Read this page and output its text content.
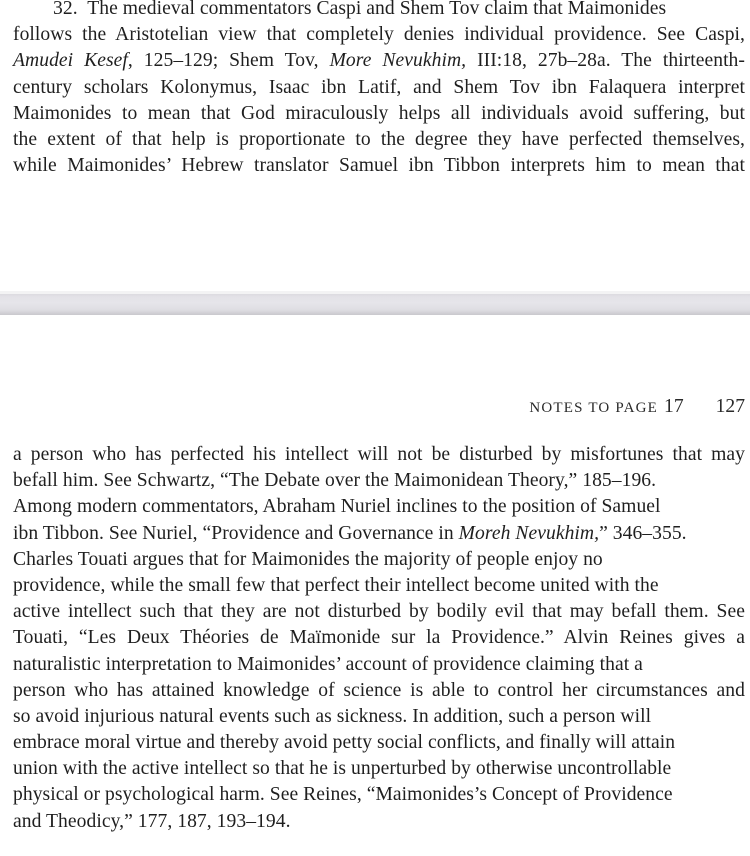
32. The medieval commentators Caspi and Shem Tov claim that Maimonides
follows the Aristotelian view that completely denies individual providence. See Caspi,
Amudei Kesef, 125–129; Shem Tov, More Nevukhim, III:18, 27b–28a. The thirteenth-
century scholars Kolonymus, Isaac ibn Latif, and Shem Tov ibn Falaquera interpret
Maimonides to mean that God miraculously helps all individuals avoid suffering, but
the extent of that help is proportionate to the degree they have perfected themselves,
while Maimonides’ Hebrew translator Samuel ibn Tibbon interprets him to mean that
NOTES TO PAGE 17 127
a person who has perfected his intellect will not be disturbed by misfortunes that may
befall him. See Schwartz, “The Debate over the Maimonidean Theory,” 185–196.
Among modern commentators, Abraham Nuriel inclines to the position of Samuel
ibn Tibbon. See Nuriel, “Providence and Governance in Moreh Nevukhim,” 346–355.
Charles Touati argues that for Maimonides the majority of people enjoy no
providence, while the small few that perfect their intellect become united with the
active intellect such that they are not disturbed by bodily evil that may befall them. See
Touati, “Les Deux Théories de Maïmonide sur la Providence.” Alvin Reines gives a
naturalistic interpretation to Maimonides’ account of providence claiming that a
person who has attained knowledge of science is able to control her circumstances and
so avoid injurious natural events such as sickness. In addition, such a person will
embrace moral virtue and thereby avoid petty social conflicts, and finally will attain
union with the active intellect so that he is unperturbed by otherwise uncontrollable
physical or psychological harm. See Reines, “Maimonides’s Concept of Providence
and Theodicy,” 177, 187, 193–194.
